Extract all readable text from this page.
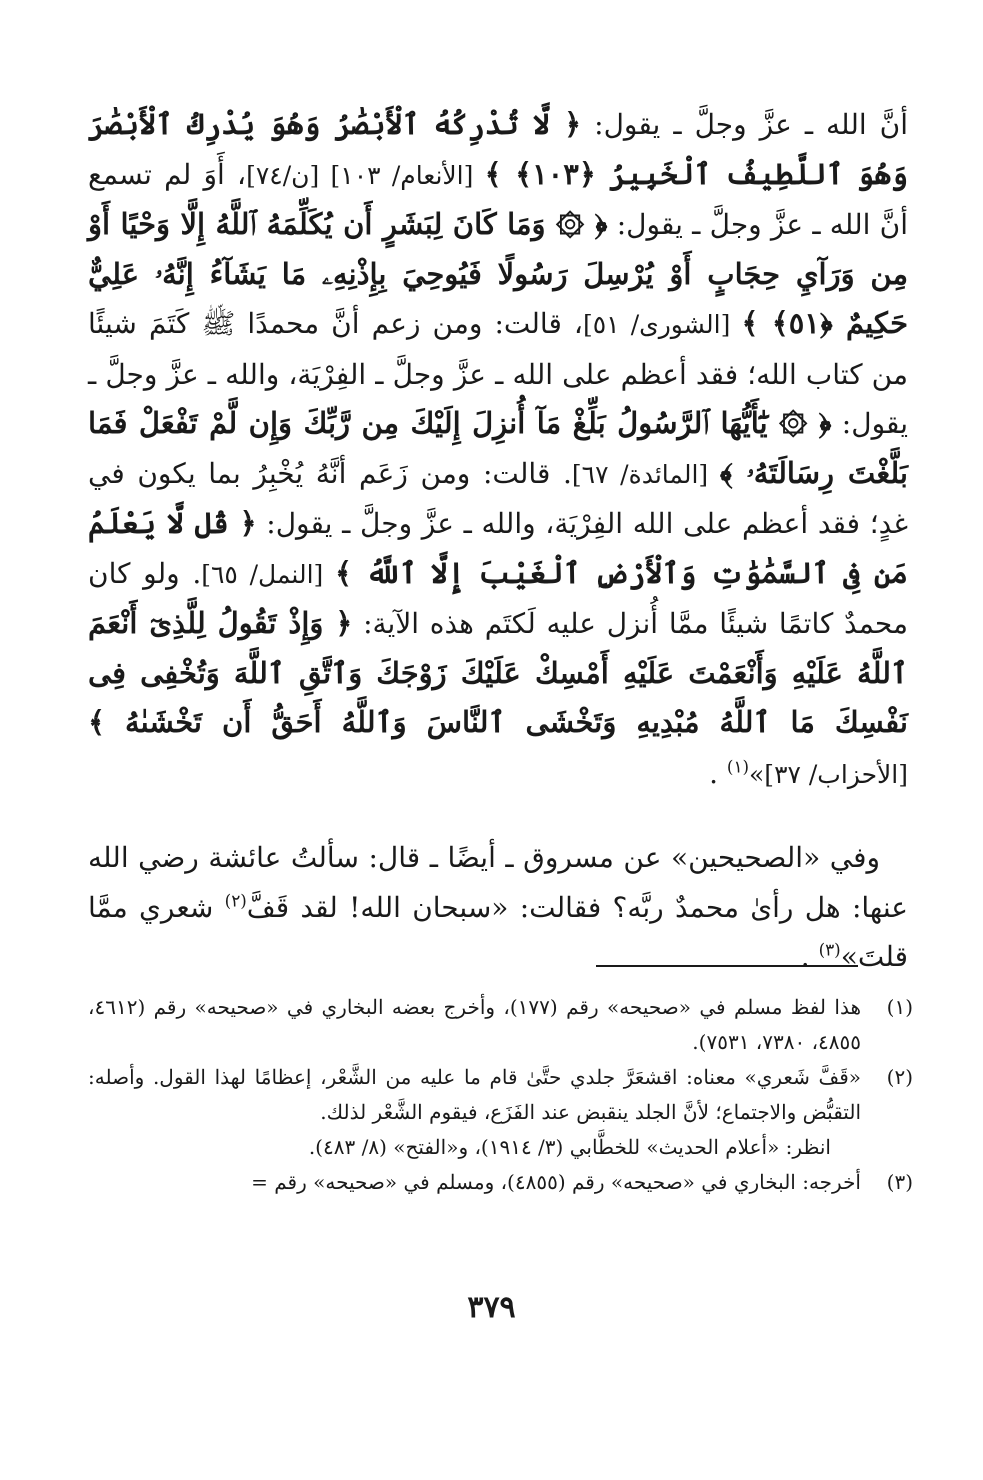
أنَّ الله ـ عزَّ وجلَّ ـ يقول: ﴿ لَّا تُدْرِكُهُ ٱلْأَبْصَٰرُ وَهُوَ يُدْرِكُ ٱلْأَبْصَٰرَ وَهُوَ ٱللَّطِيفُ ٱلْخَبِيرُ ﴿١٠٣﴾ ﴾ [الأنعام/ ١٠٣] [ن/٧٤]، أَوَ لم تسمع أنَّ الله ـ عزَّ وجلَّ ـ يقول: ﴿ ۞ وَمَا كَانَ لِبَشَرٍ أَن يُكَلِّمَهُ ٱللَّهُ إِلَّا وَحْيًا أَوْ مِن وَرَآيِ حِجَابٍ أَوْ يُرْسِلَ رَسُولًا فَيُوحِيَ بِإِذْنِهِۦ مَا يَشَآءُ إِنَّهُۥ عَلِيٌّ حَكِيمٌ ﴿٥١﴾ ﴾ [الشورى/ ٥١]، قالت: ومن زعم أنَّ محمدًا ﷺ كَتَمَ شيئًا من كتاب الله؛ فقد أعظم على الله ـ عزَّ وجلَّ ـ الفِرْيَة، والله ـ عزَّ وجلَّ ـ يقول: ﴿ ۞ يَٰٓأَيُّهَا ٱلرَّسُولُ بَلِّغْ مَآ أُنزِلَ إِلَيْكَ مِن رَّبِّكَ وَإِن لَّمْ تَفْعَلْ فَمَا بَلَّغْتَ رِسَالَتَهُۥ ﴾ [المائدة/ ٦٧]. قالت: ومن زَعَم أنَّهُ يُخْبِرُ بما يكون في غدٍ؛ فقد أعظم على الله الفِرْيَة، والله ـ عزَّ وجلَّ ـ يقول: ﴿ قُل لَّا يَعْلَمُ مَن فِى ٱلسَّمَٰوَٰتِ وَٱلْأَرْضِ ٱلْغَيْبَ إِلَّا ٱللَّهُ ﴾ [النمل/ ٦٥]. ولو كان محمدٌ كاتمًا شيئًا ممَّا أُنزل عليه لَكتَم هذه الآية: ﴿ وَإِذْ تَقُولُ لِلَّذِىٓ أَنْعَمَ ٱللَّهُ عَلَيْهِ وَأَنْعَمْتَ عَلَيْهِ أَمْسِكْ عَلَيْكَ زَوْجَكَ وَٱتَّقِ ٱللَّهَ وَتُخْفِى فِى نَفْسِكَ مَا ٱللَّهُ مُبْدِيهِ وَتَخْشَى ٱلنَّاسَ وَٱللَّهُ أَحَقُّ أَن تَخْشَىٰهُ ﴾ [الأحزاب/ ٣٧]»$^{(١)}$ .

وفي «الصحيحين» عن مسروق ـ أيضًا ـ قال: سألتُ عائشة رضي الله عنها: هل رأىٰ محمدٌ ربَّه؟ فقالت: «سبحان الله! لقد قَفَّ$^{(٢)}$ شعري ممَّا قلتَ»$^{(٣)}$ .

(١)
هذا لفظ مسلم في «صحيحه» رقم (١٧٧)، وأخرج بعضه البخاري في «صحيحه» رقم (٤٦١٢، ٤٨٥٥، ٧٣٨٠، ٧٥٣١).

(٢)
«قَفَّ شَعري» معناه: اقشعَرَّ جلدي حتَّىٰ قام ما عليه من الشَّعْر، إعظامًا لهذا القول. وأصله: التقبُّض والاجتماع؛ لأنَّ الجلد ينقبض عند الفَزَع، فيقوم الشَّعْر لذلك.

انظر: «أعلام الحديث» للخطَّابي (٣/ ١٩١٤)، و«الفتح» (٨/ ٤٨٣).

(٣)
أخرجه: البخاري في «صحيحه» رقم (٤٨٥٥)، ومسلم في «صحيحه» رقم =

٣٧٩
